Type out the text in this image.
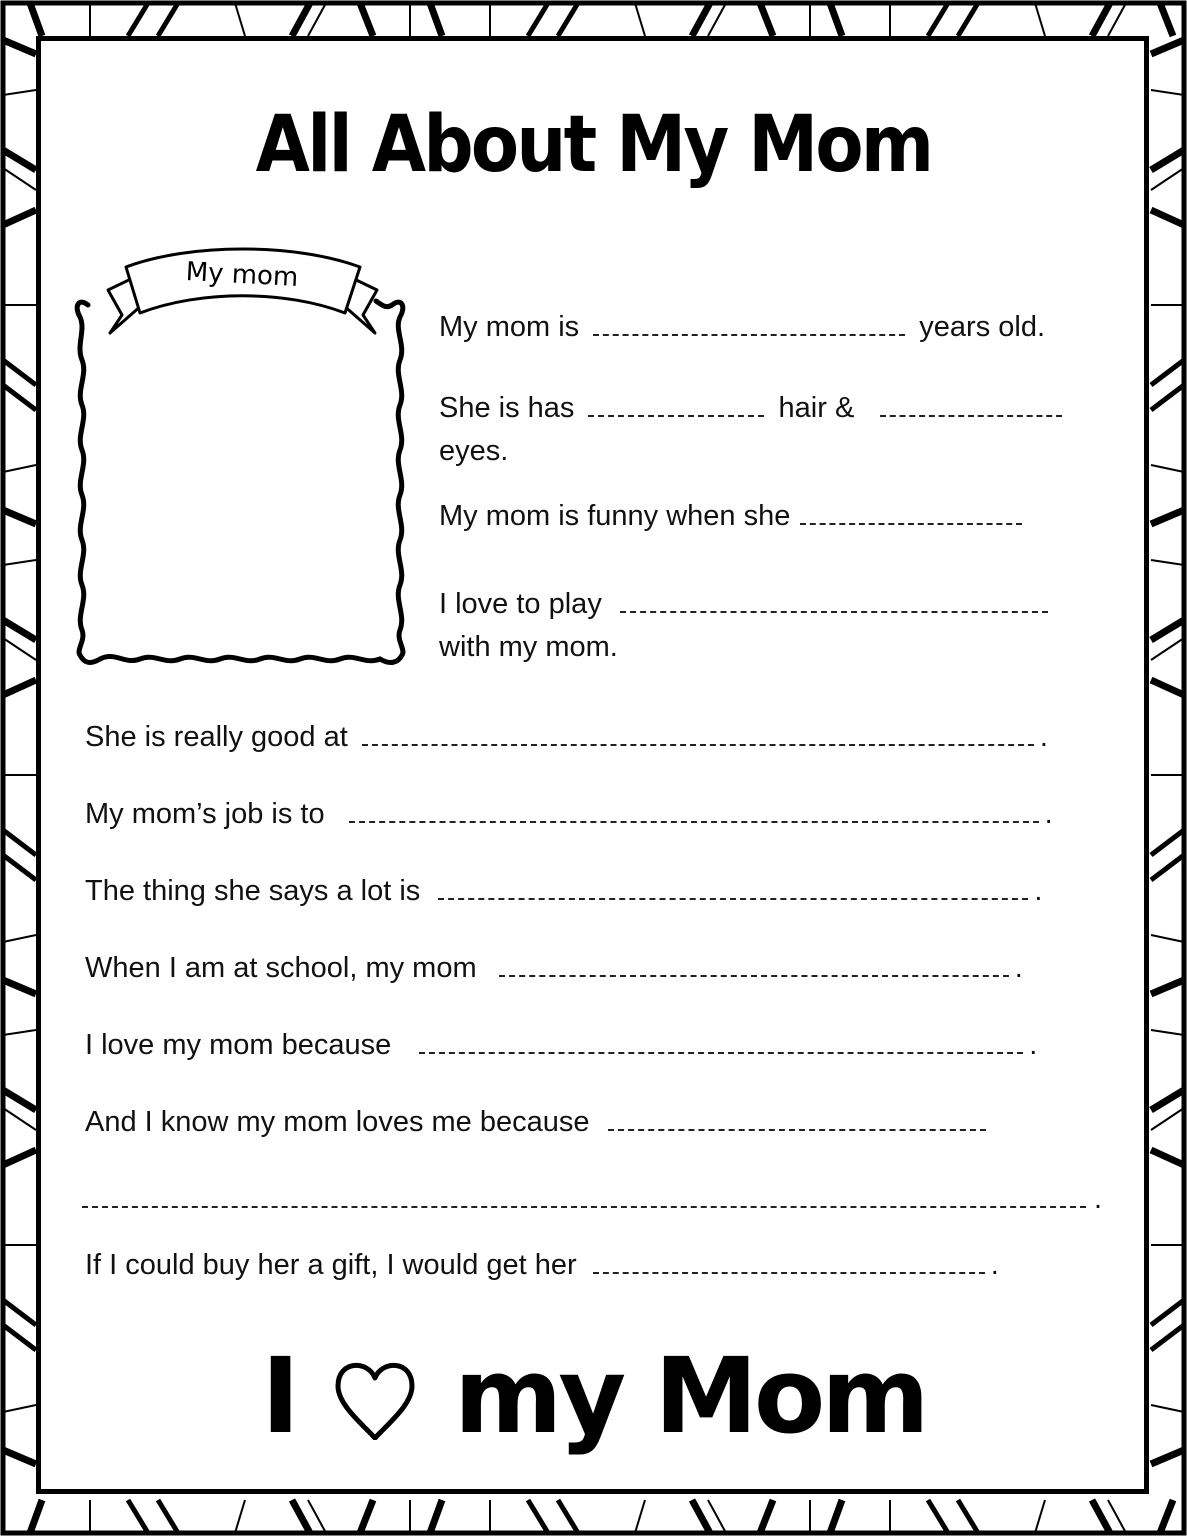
All About My Mom
My mom
My mom is	years old.
She is has	hair &
eyes.
My mom is funny when she
I love to play
with my mom.
She is really good at	.
My mom’s job is to	.
The thing she says a lot is	.
When I am at school, my mom	.
I love my mom because	.
And I know my mom loves me because
.
If I could buy her a gift, I would get her	.
I my Mom
